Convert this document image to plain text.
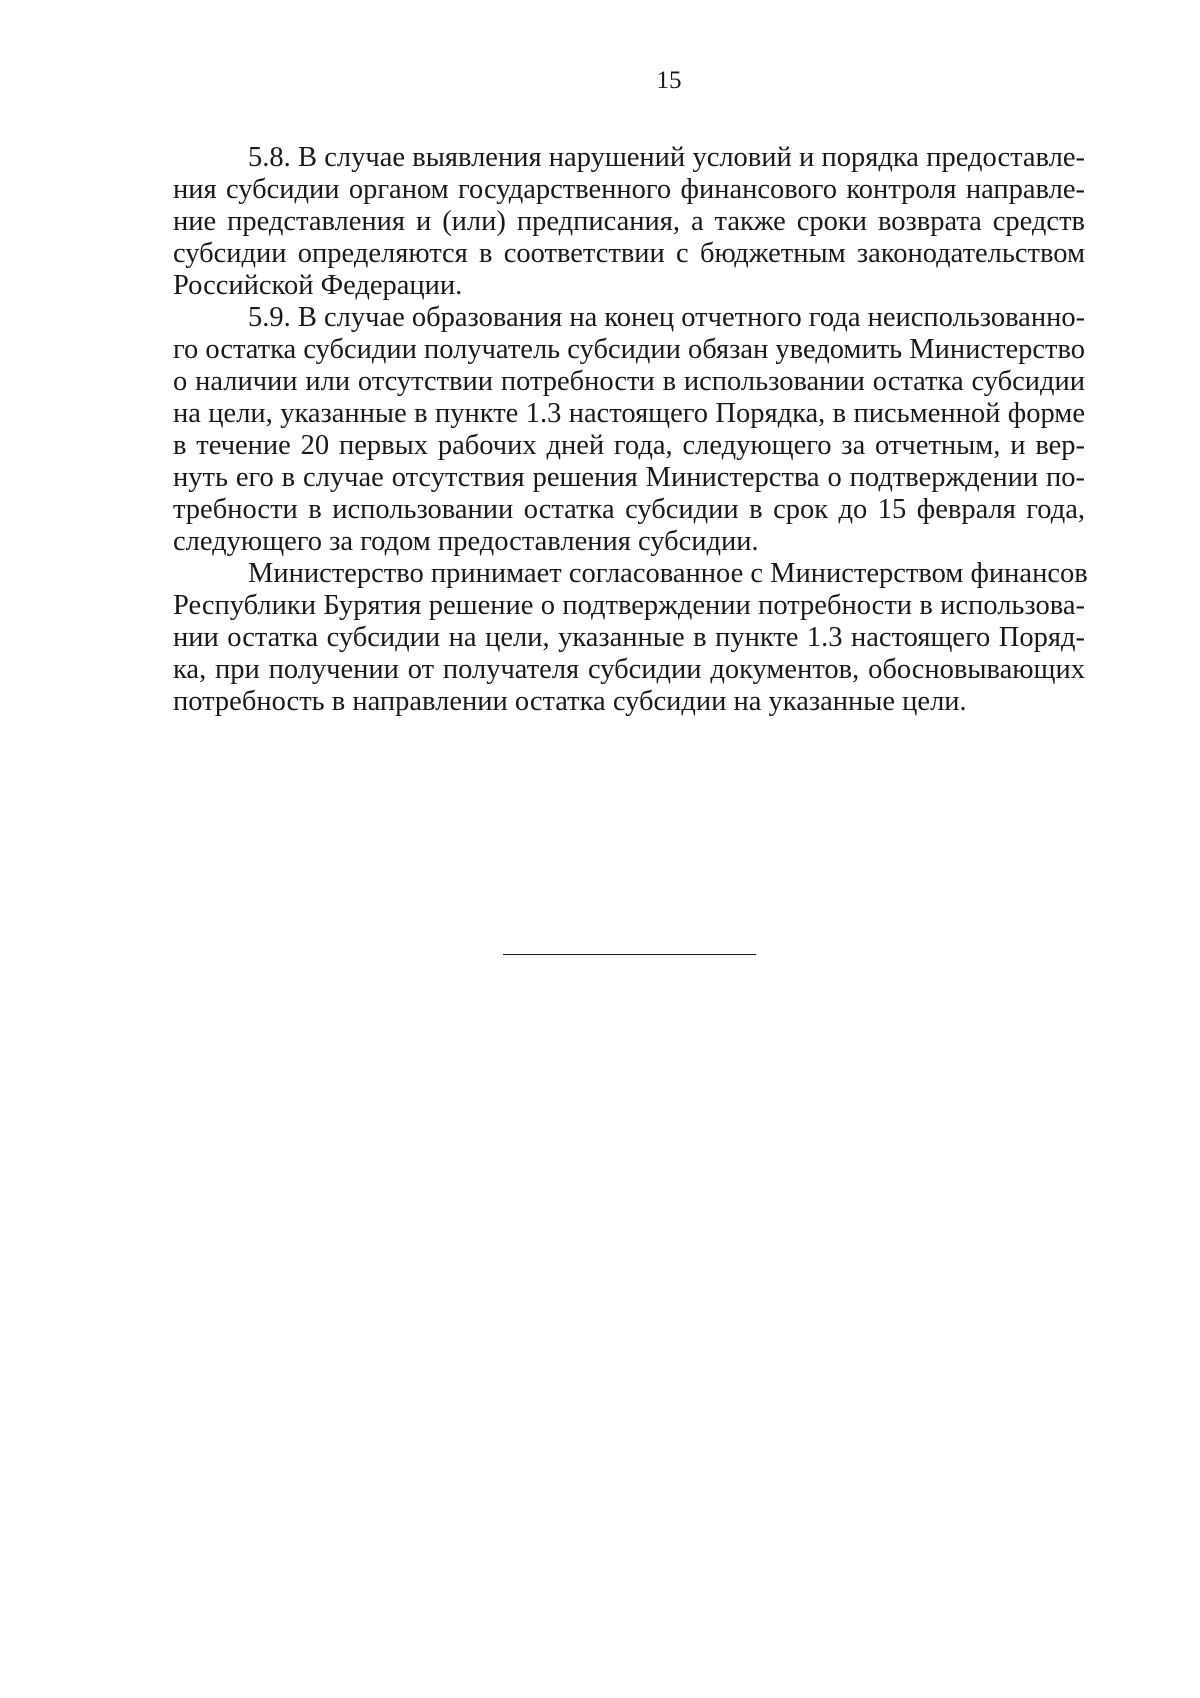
15
5.8. В случае выявления нарушений условий и порядка предоставле-
ния субсидии органом государственного финансового контроля направле-
ние представления и (или) предписания, а также сроки возврата средств
субсидии определяются в соответствии с бюджетным законодательством
Российской Федерации.
5.9. В случае образования на конец отчетного года неиспользованно-
го остатка субсидии получатель субсидии обязан уведомить Министерство
о наличии или отсутствии потребности в использовании остатка субсидии
на цели, указанные в пункте 1.3 настоящего Порядка, в письменной форме
в течение 20 первых рабочих дней года, следующего за отчетным, и вер-
нуть его в случае отсутствия решения Министерства о подтверждении по-
требности в использовании остатка субсидии в срок до 15 февраля года,
следующего за годом предоставления субсидии.
Министерство принимает согласованное с Министерством финансов
Республики Бурятия решение о подтверждении потребности в использова-
нии остатка субсидии на цели, указанные в пункте 1.3 настоящего Поряд-
ка, при получении от получателя субсидии документов, обосновывающих
потребность в направлении остатка субсидии на указанные цели.
